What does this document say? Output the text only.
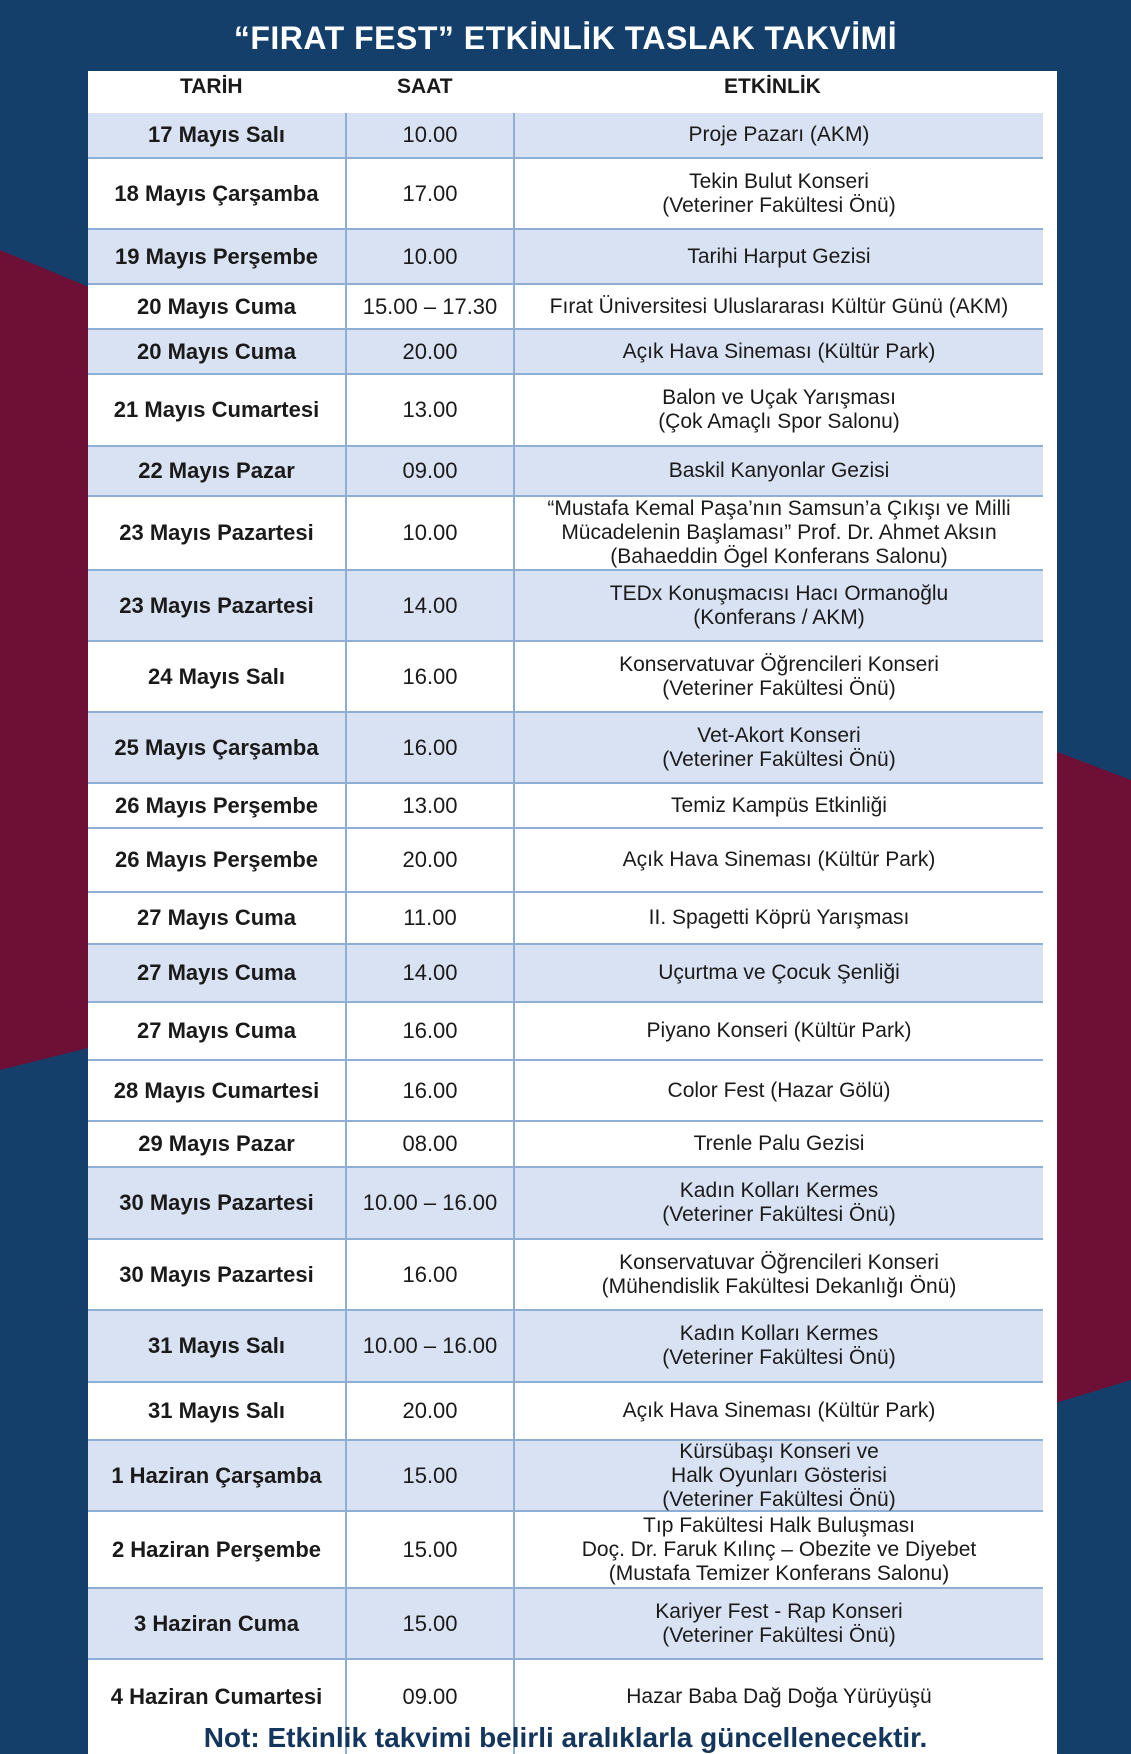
“FIRAT FEST” ETKİNLİK TASLAK TAKVİMİ
TARİH	SAAT	ETKİNLİK
17 Mayıs Salı	10.00	Proje Pazarı (AKM)
18 Mayıs Çarşamba	17.00	Tekin Bulut Konseri
(Veteriner Fakültesi Önü)
19 Mayıs Perşembe	10.00	Tarihi Harput Gezisi
20 Mayıs Cuma	15.00 – 17.30	Fırat Üniversitesi Uluslararası Kültür Günü (AKM)
20 Mayıs Cuma	20.00	Açık Hava Sineması (Kültür Park)
21 Mayıs Cumartesi	13.00	Balon ve Uçak Yarışması
(Çok Amaçlı Spor Salonu)
22 Mayıs Pazar	09.00	Baskil Kanyonlar Gezisi
23 Mayıs Pazartesi	10.00
“Mustafa Kemal Paşa’nın Samsun’a Çıkışı ve Milli
Mücadelenin Başlaması” Prof. Dr. Ahmet Aksın
(Bahaeddin Ögel Konferans Salonu)
23 Mayıs Pazartesi	14.00	TEDx Konuşmacısı Hacı Ormanoğlu
(Konferans / AKM)
24 Mayıs Salı	16.00	Konservatuvar Öğrencileri Konseri
(Veteriner Fakültesi Önü)
25 Mayıs Çarşamba	16.00	Vet-Akort Konseri
(Veteriner Fakültesi Önü)
26 Mayıs Perşembe	13.00	Temiz Kampüs Etkinliği
26 Mayıs Perşembe	20.00	Açık Hava Sineması (Kültür Park)
27 Mayıs Cuma	11.00	II. Spagetti Köprü Yarışması
27 Mayıs Cuma	14.00	Uçurtma ve Çocuk Şenliği
27 Mayıs Cuma	16.00	Piyano Konseri (Kültür Park)
28 Mayıs Cumartesi	16.00	Color Fest (Hazar Gölü)
29 Mayıs Pazar	08.00	Trenle Palu Gezisi
30 Mayıs Pazartesi	10.00 – 16.00	Kadın Kolları Kermes
(Veteriner Fakültesi Önü)
30 Mayıs Pazartesi	16.00	Konservatuvar Öğrencileri Konseri
(Mühendislik Fakültesi Dekanlığı Önü)
31 Mayıs Salı	10.00 – 16.00	Kadın Kolları Kermes
(Veteriner Fakültesi Önü)
31 Mayıs Salı	20.00	Açık Hava Sineması (Kültür Park)
1 Haziran Çarşamba	15.00
Kürsübaşı Konseri ve
Halk Oyunları Gösterisi
(Veteriner Fakültesi Önü)
2 Haziran Perşembe	15.00
Tıp Fakültesi Halk Buluşması
Doç. Dr. Faruk Kılınç – Obezite ve Diyebet
(Mustafa Temizer Konferans Salonu)
3 Haziran Cuma	15.00	Kariyer Fest - Rap Konseri
(Veteriner Fakültesi Önü)
4 Haziran Cumartesi	09.00	Hazar Baba Dağ Doğa Yürüyüşü
Not: Etkinlik takvimi belirli aralıklarla güncellenecektir.
